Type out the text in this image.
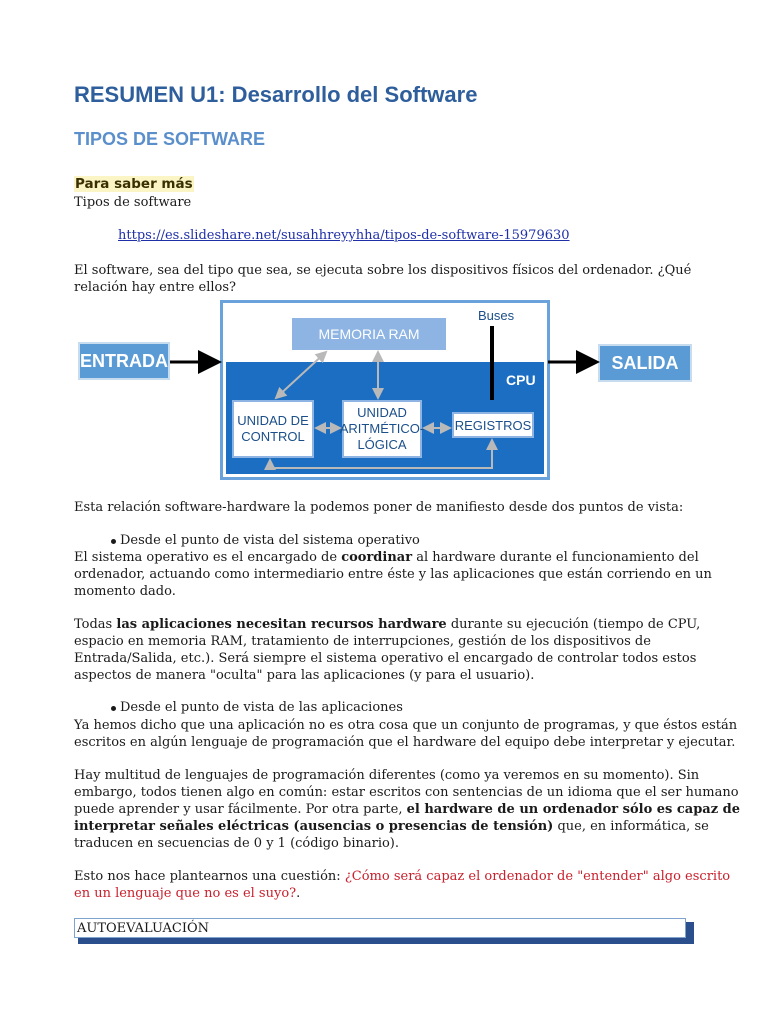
RESUMEN U1: Desarrollo del Software
TIPOS DE SOFTWARE
Para saber más
Tipos de software
https://es.slideshare.net/susahhreyyhha/tipos-de-software-15979630
El software, sea del tipo que sea, se ejecuta sobre los dispositivos físicos del ordenador. ¿Qué
relación hay entre ellos?
ENTRADA	SALIDA
MEMORIA RAM
UNIDAD DE
CONTROL
UNIDAD
ARITMÉTICO-
LÓGICA
REGISTROS
Buses
CPU
Esta relación software-hardware la podemos poner de manifiesto desde dos puntos de vista:
Desde el punto de vista del sistema operativo
El sistema operativo es el encargado de coordinar al hardware durante el funcionamiento del
ordenador, actuando como intermediario entre éste y las aplicaciones que están corriendo en un
momento dado.
Todas las aplicaciones necesitan recursos hardware durante su ejecución (tiempo de CPU,
espacio en memoria RAM, tratamiento de interrupciones, gestión de los dispositivos de
Entrada/Salida, etc.). Será siempre el sistema operativo el encargado de controlar todos estos
aspectos de manera "oculta" para las aplicaciones (y para el usuario).
Desde el punto de vista de las aplicaciones
Ya hemos dicho que una aplicación no es otra cosa que un conjunto de programas, y que éstos están
escritos en algún lenguaje de programación que el hardware del equipo debe interpretar y ejecutar.
Hay multitud de lenguajes de programación diferentes (como ya veremos en su momento). Sin
embargo, todos tienen algo en común: estar escritos con sentencias de un idioma que el ser humano
puede aprender y usar fácilmente. Por otra parte, el hardware de un ordenador sólo es capaz de
interpretar señales eléctricas (ausencias o presencias de tensión) que, en informática, se
traducen en secuencias de 0 y 1 (código binario).
Esto nos hace plantearnos una cuestión: ¿Cómo será capaz el ordenador de "entender" algo escrito
en un lenguaje que no es el suyo?.
AUTOEVALUACIÓN
